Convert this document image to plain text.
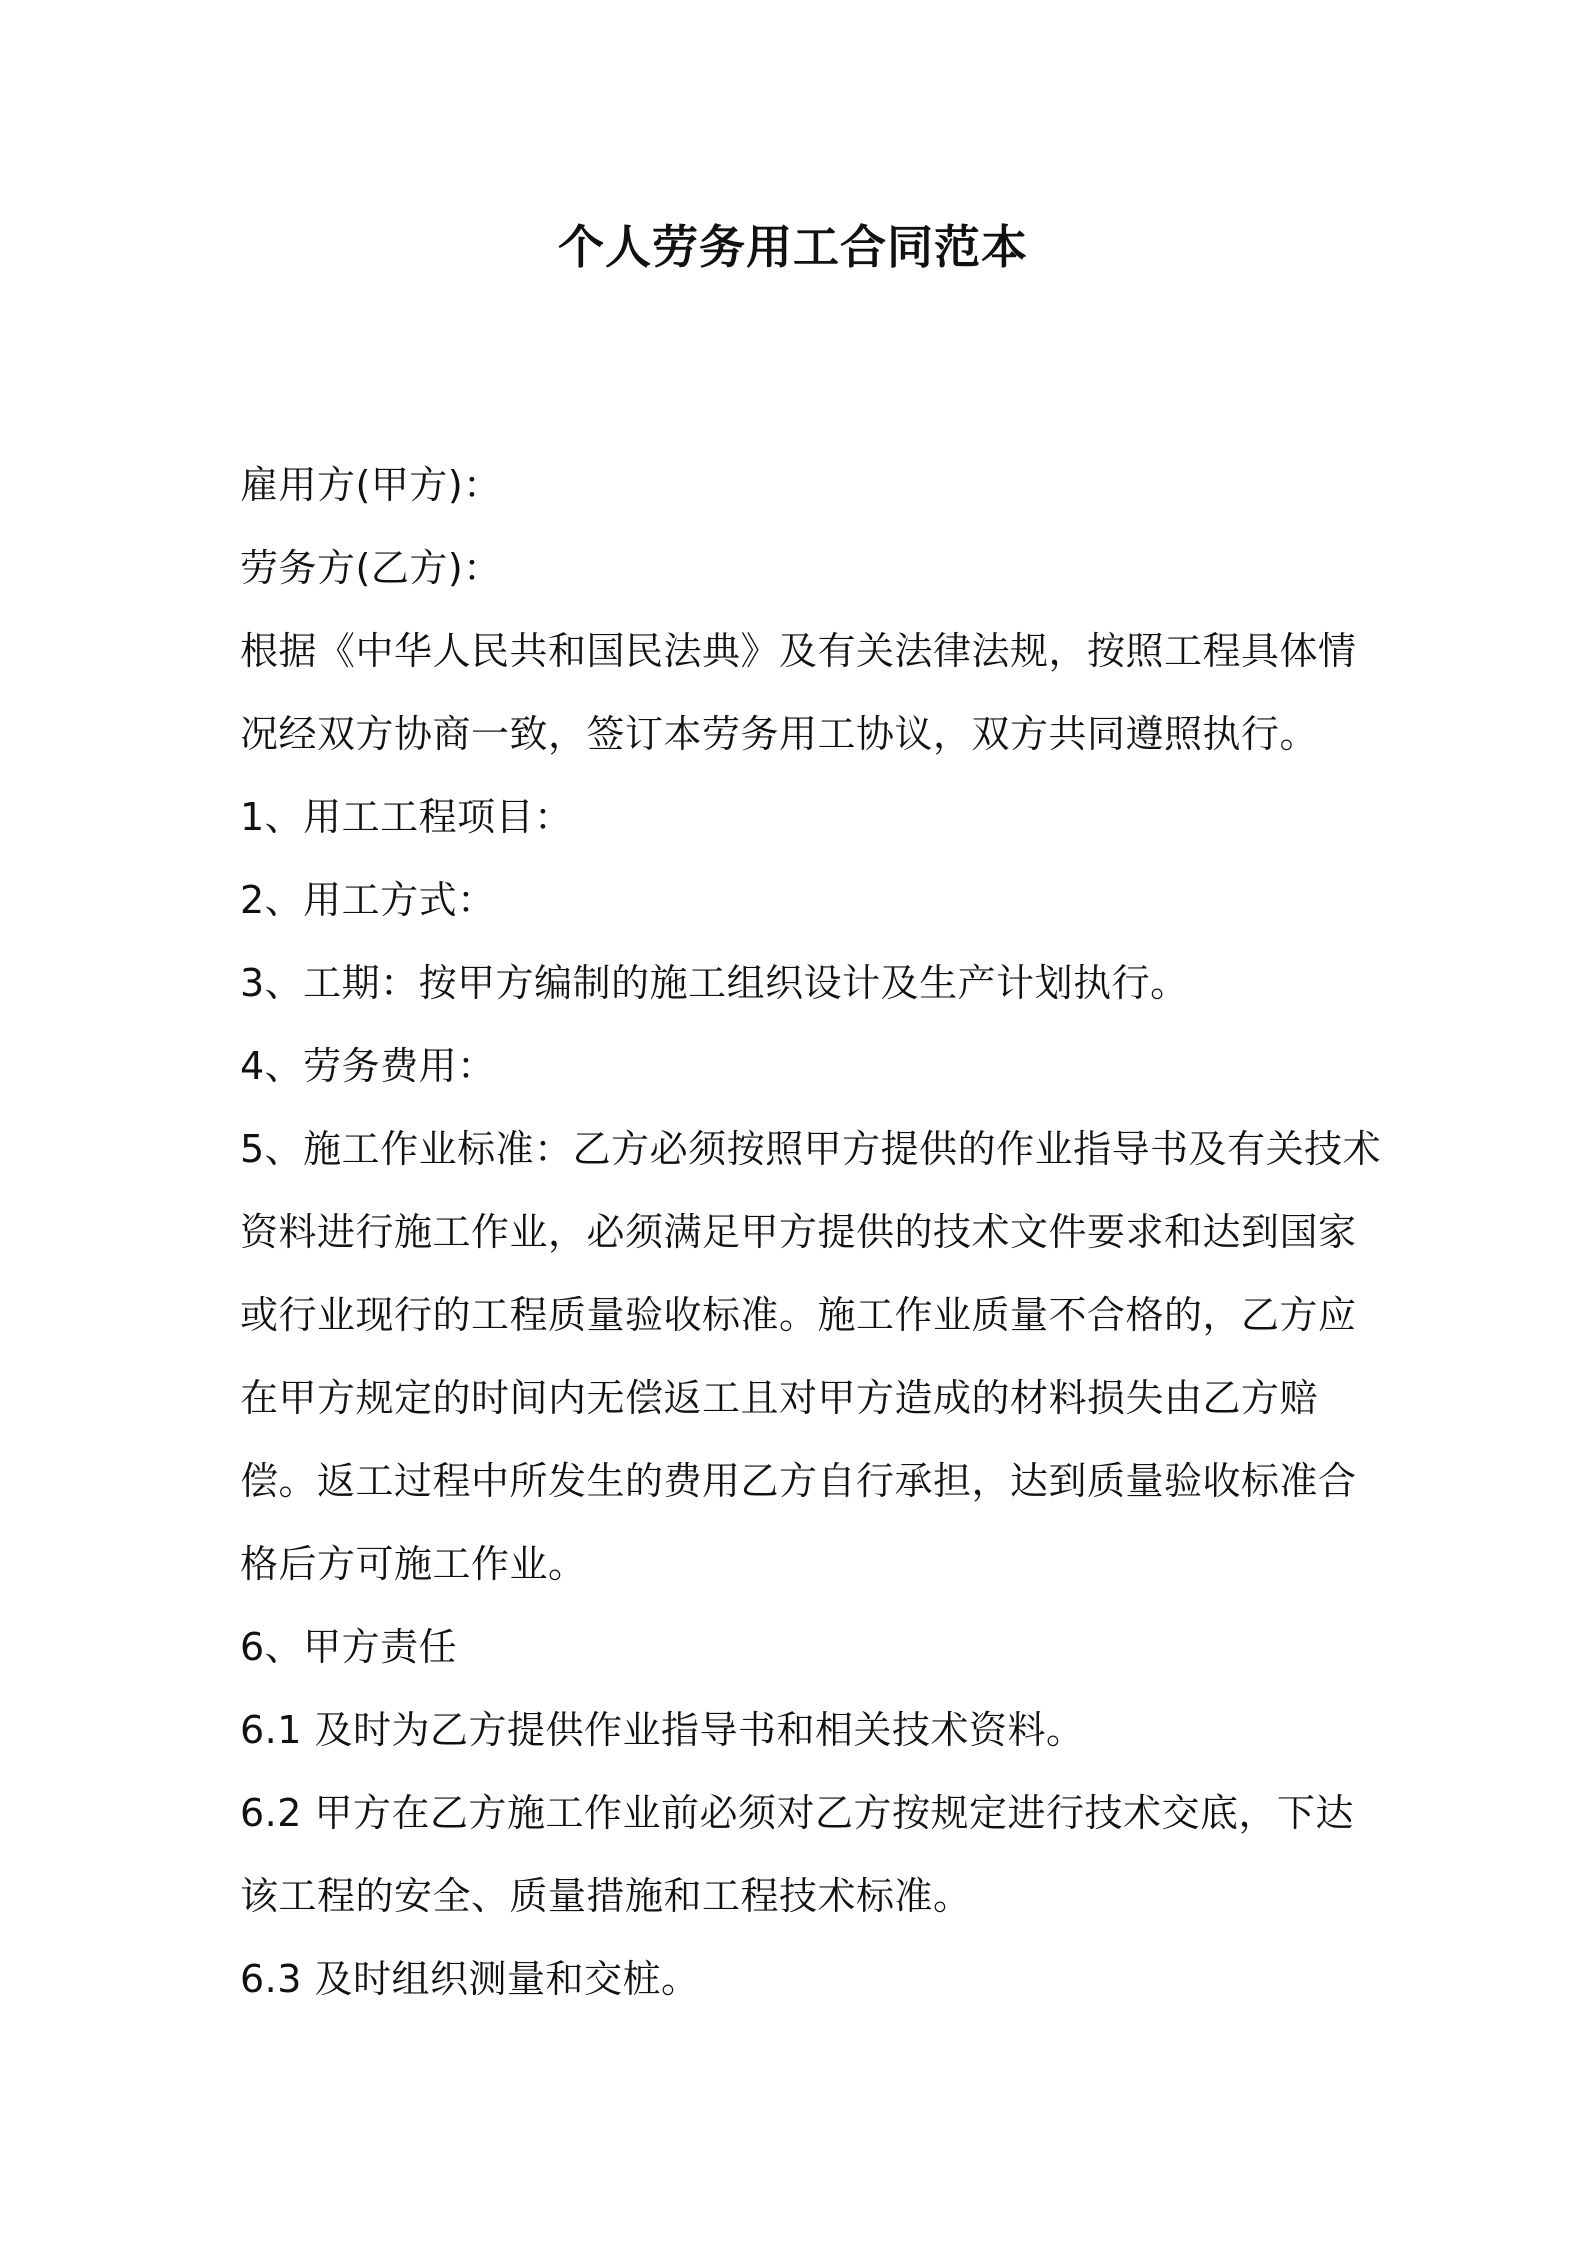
个人劳务用工合同范本
雇用方(甲方)：
劳务方(乙方)：
根据《中华人民共和国民法典》及有关法律法规，按照工程具体情
况经双方协商一致，签订本劳务用工协议，双方共同遵照执行。
1、用工工程项目：
2、用工方式：
3、工期：按甲方编制的施工组织设计及生产计划执行。
4、劳务费用：
5、施工作业标准：乙方必须按照甲方提供的作业指导书及有关技术
资料进行施工作业，必须满足甲方提供的技术文件要求和达到国家
或行业现行的工程质量验收标准。施工作业质量不合格的，乙方应
在甲方规定的时间内无偿返工且对甲方造成的材料损失由乙方赔
偿。返工过程中所发生的费用乙方自行承担，达到质量验收标准合
格后方可施工作业。
6、甲方责任
6.1 及时为乙方提供作业指导书和相关技术资料。
6.2 甲方在乙方施工作业前必须对乙方按规定进行技术交底，下达
该工程的安全、质量措施和工程技术标准。
6.3 及时组织测量和交桩。
